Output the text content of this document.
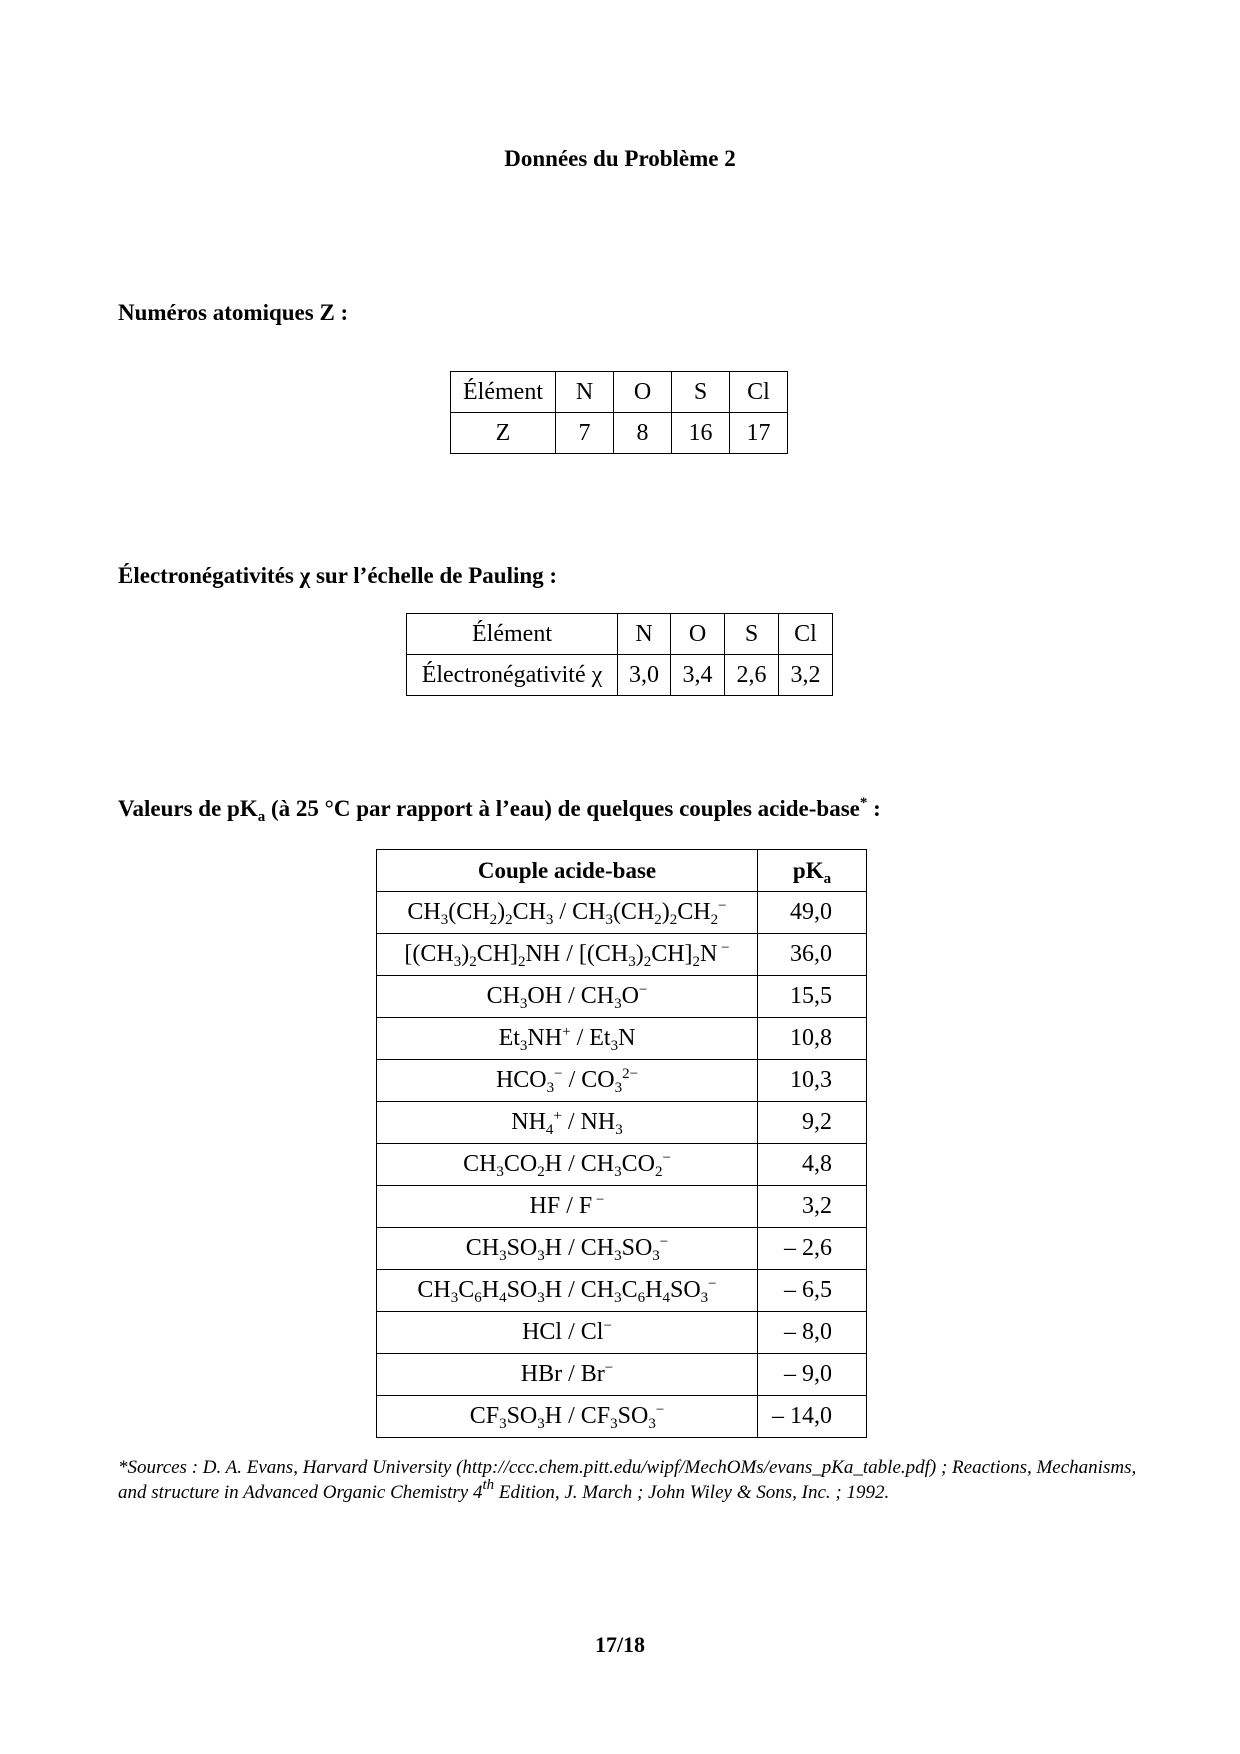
Données du Problème 2
Numéros atomiques Z :
Élément	N	O	S	Cl
Z	7	8	16	17
Électronégativités χ sur l’échelle de Pauling :
Élément	N	O	S	Cl
Électronégativité χ	3,0	3,4	2,6	3,2
Valeurs de $pK_a$ (à 25 °C par rapport à l’eau) de quelques couples acide-base* :
Couple acide-base	$pK_a$
$CH_3(CH_2)_2CH_3 / CH_3(CH_2)_2CH_2^-$	49,0
$[(CH_3)_2CH]_2NH / [(CH_3)_2CH]_2N$ −	36,0
$CH_3OH / CH_3O^-$	15,5
$Et_3NH^+ / Et_3N$	10,8
$HCO_3^- / CO_3^{2-}$	10,3
$NH_4^+ / NH_3$	9,2
$CH_3CO_2H / CH_3CO_2^-$	4,8
HF / F −	3,2
$CH_3SO_3H / CH_3SO_3^-$	– 2,6
$CH_3C_6H_4SO_3H / CH_3C_6H_4SO_3^-$	– 6,5
HCl / Cl−	– 8,0
HBr / Br−	– 9,0
$CF_3SO_3H / CF_3SO_3^-$	– 14,0
*Sources : D. A. Evans, Harvard University (http://ccc.chem.pitt.edu/wipf/MechOMs/evans_pKa_table.pdf) ; Reactions, Mechanisms, and structure in Advanced Organic Chemistry 4th Edition, J. March ; John Wiley & Sons, Inc. ; 1992.
17/18
